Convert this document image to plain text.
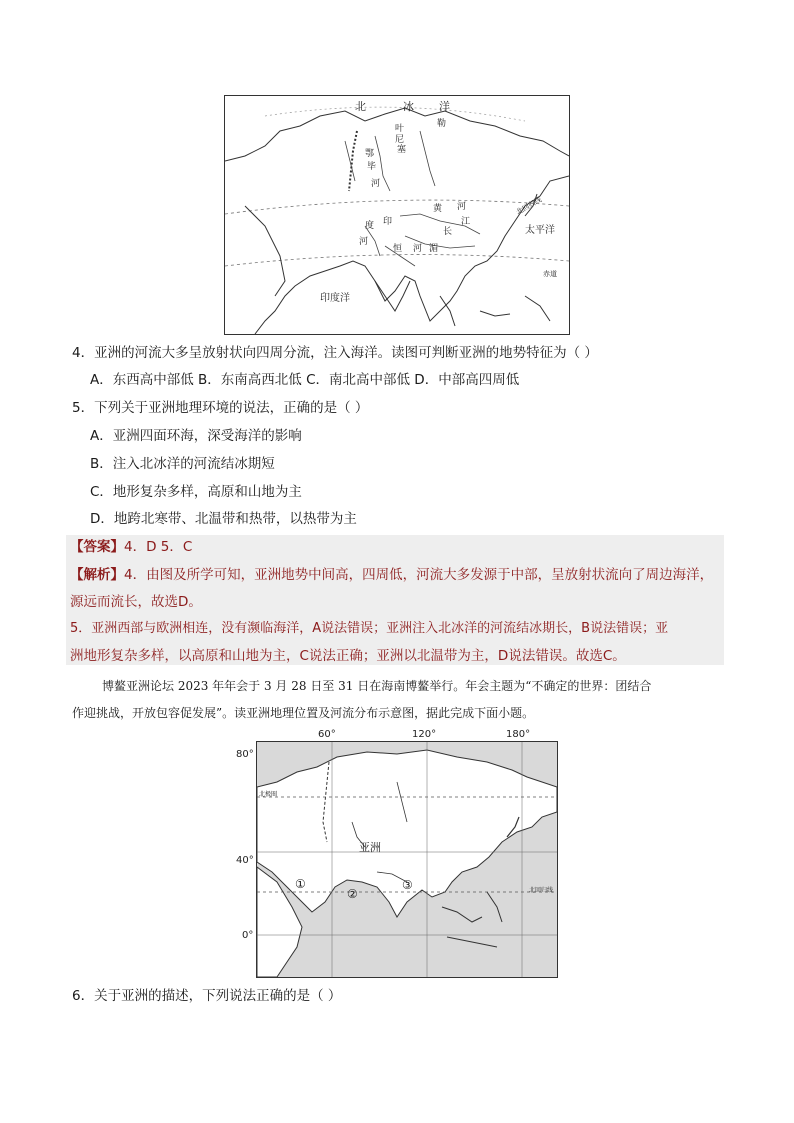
北	冰 洋
太平洋
印度洋
北回归线
赤道
叶
尼
塞
勒
鄂
毕
河
黄 河
长
江
印
度
河
恒 河 湄
4．亚洲的河流大多呈放射状向四周分流，注入海洋。读图可判断亚洲的地势特征为（ ）
A．东西高中部低 B．东南高西北低 C．南北高中部低 D．中部高四周低
5．下列关于亚洲地理环境的说法，正确的是（ ）
A．亚洲四面环海，深受海洋的影响
B．注入北冰洋的河流结冰期短
C．地形复杂多样，高原和山地为主
D．地跨北寒带、北温带和热带，以热带为主
【答案】4．D 5．C
【解析】4．由图及所学可知，亚洲地势中间高，四周低，河流大多发源于中部，呈放射状流向了周边海洋，
源远而流长，故选D。
5．亚洲西部与欧洲相连，没有濒临海洋，A说法错误；亚洲注入北冰洋的河流结冰期长，B说法错误；亚
洲地形复杂多样，以高原和山地为主，C说法正确；亚洲以北温带为主，D说法错误。故选C。
博鳌亚洲论坛 2023 年年会于 3 月 28 日至 31 日在海南博鳌举行。年会主题为“不确定的世界：团结合
作迎挑战，开放包容促发展”。读亚洲地理位置及河流分布示意图，据此完成下面小题。
60°	120°	180°
80°
40°
0°
亚洲
北极圈
北回归线
①
②
③
6．关于亚洲的描述，下列说法正确的是（ ）
